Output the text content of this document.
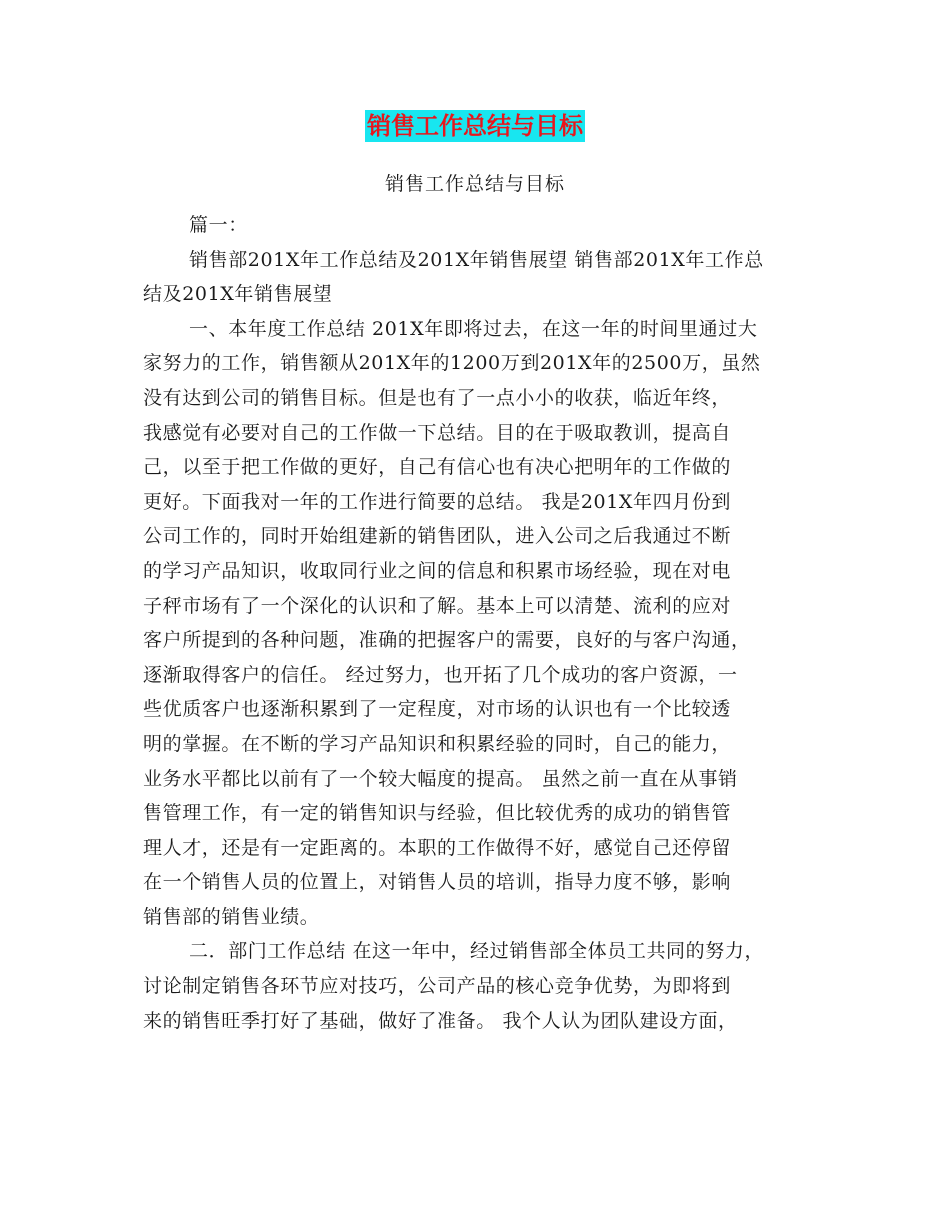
销售工作总结与目标
销售工作总结与目标
篇一：
销售部201X年工作总结及201X年销售展望 销售部201X年工作总
结及201X年销售展望
一、本年度工作总结 201X年即将过去，在这一年的时间里通过大
家努力的工作，销售额从201X年的1200万到201X年的2500万，虽然
没有达到公司的销售目标。但是也有了一点小小的收获，临近年终，
我感觉有必要对自己的工作做一下总结。目的在于吸取教训，提高自
己，以至于把工作做的更好，自己有信心也有决心把明年的工作做的
更好。下面我对一年的工作进行简要的总结。 我是201X年四月份到
公司工作的，同时开始组建新的销售团队，进入公司之后我通过不断
的学习产品知识，收取同行业之间的信息和积累市场经验，现在对电
子秤市场有了一个深化的认识和了解。基本上可以清楚、流利的应对
客户所提到的各种问题，准确的把握客户的需要，良好的与客户沟通，
逐渐取得客户的信任。 经过努力，也开拓了几个成功的客户资源，一
些优质客户也逐渐积累到了一定程度，对市场的认识也有一个比较透
明的掌握。在不断的学习产品知识和积累经验的同时，自己的能力，
业务水平都比以前有了一个较大幅度的提高。 虽然之前一直在从事销
售管理工作，有一定的销售知识与经验，但比较优秀的成功的销售管
理人才，还是有一定距离的。本职的工作做得不好，感觉自己还停留
在一个销售人员的位置上，对销售人员的培训，指导力度不够，影响
销售部的销售业绩。
二．部门工作总结 在这一年中，经过销售部全体员工共同的努力，
讨论制定销售各环节应对技巧，公司产品的核心竞争优势，为即将到
来的销售旺季打好了基础，做好了准备。 我个人认为团队建设方面，
